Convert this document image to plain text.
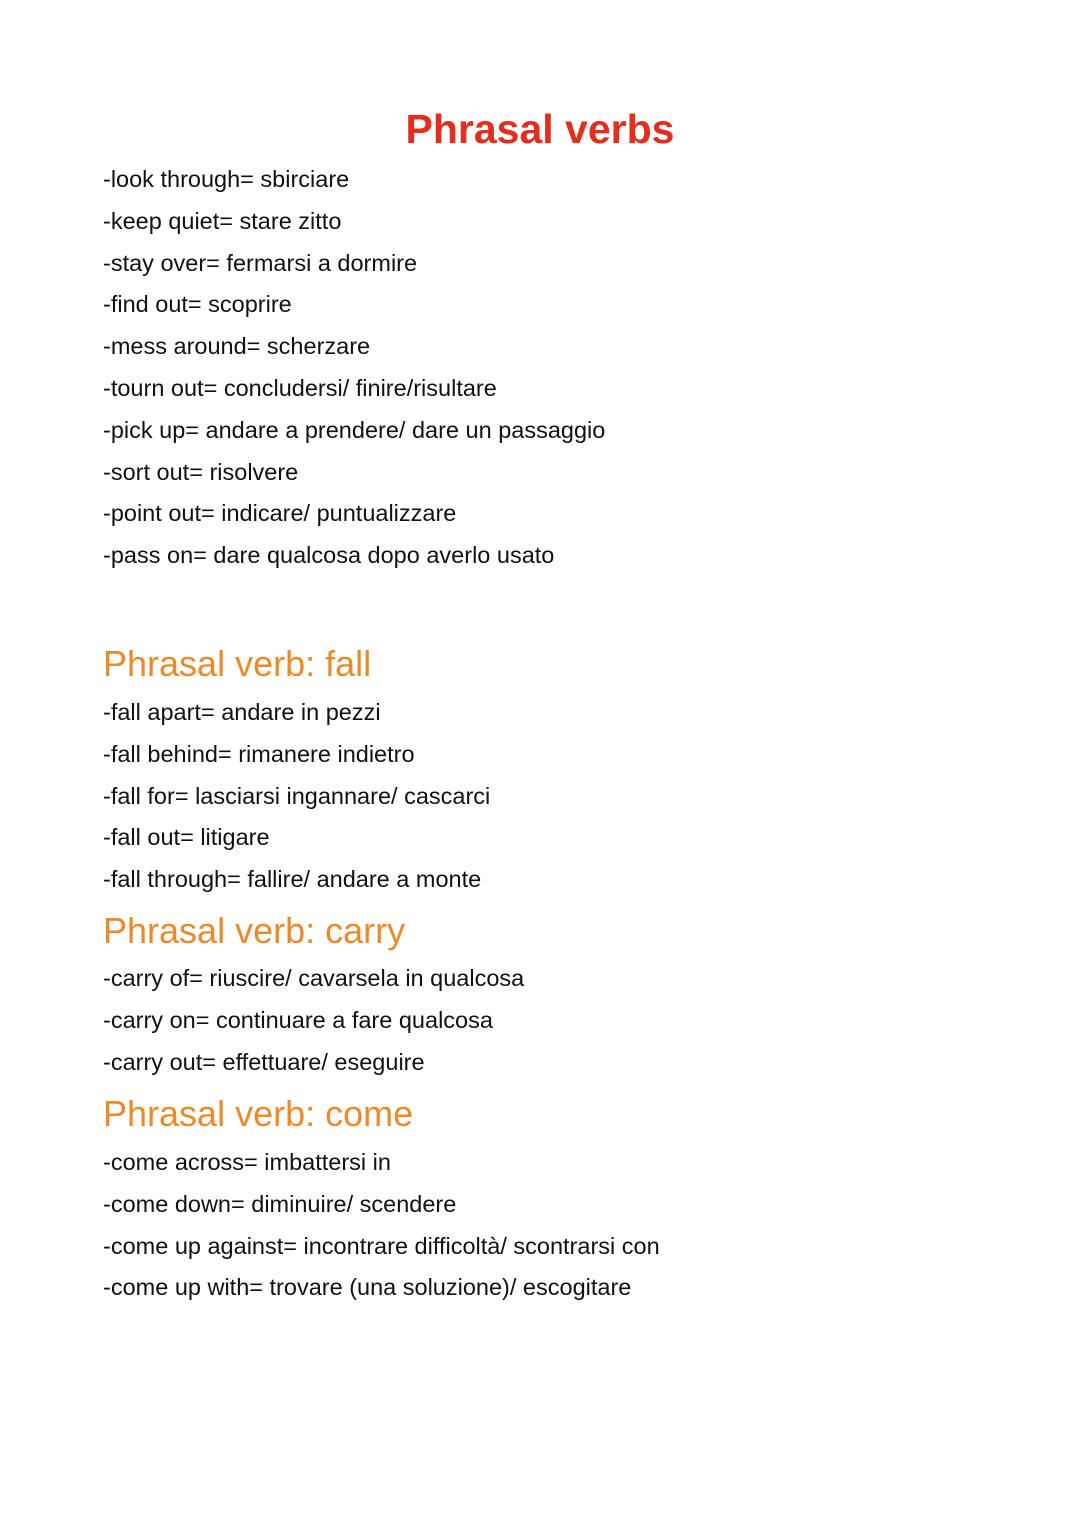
Phrasal verbs
-look through= sbirciare
-keep quiet= stare zitto
-stay over= fermarsi a dormire
-find out= scoprire
-mess around= scherzare
-tourn out= concludersi/ finire/risultare
-pick up= andare a prendere/ dare un passaggio
-sort out= risolvere
-point out= indicare/ puntualizzare
-pass on= dare qualcosa dopo averlo usato
Phrasal verb: fall
-fall apart= andare in pezzi
-fall behind= rimanere indietro
-fall for= lasciarsi ingannare/ cascarci
-fall out= litigare
-fall through= fallire/ andare a monte
Phrasal verb: carry
-carry of= riuscire/ cavarsela in qualcosa
-carry on= continuare a fare qualcosa
-carry out= effettuare/ eseguire
Phrasal verb: come
-come across= imbattersi in
-come down= diminuire/ scendere
-come up against= incontrare difficoltà/ scontrarsi con
-come up with= trovare (una soluzione)/ escogitare
